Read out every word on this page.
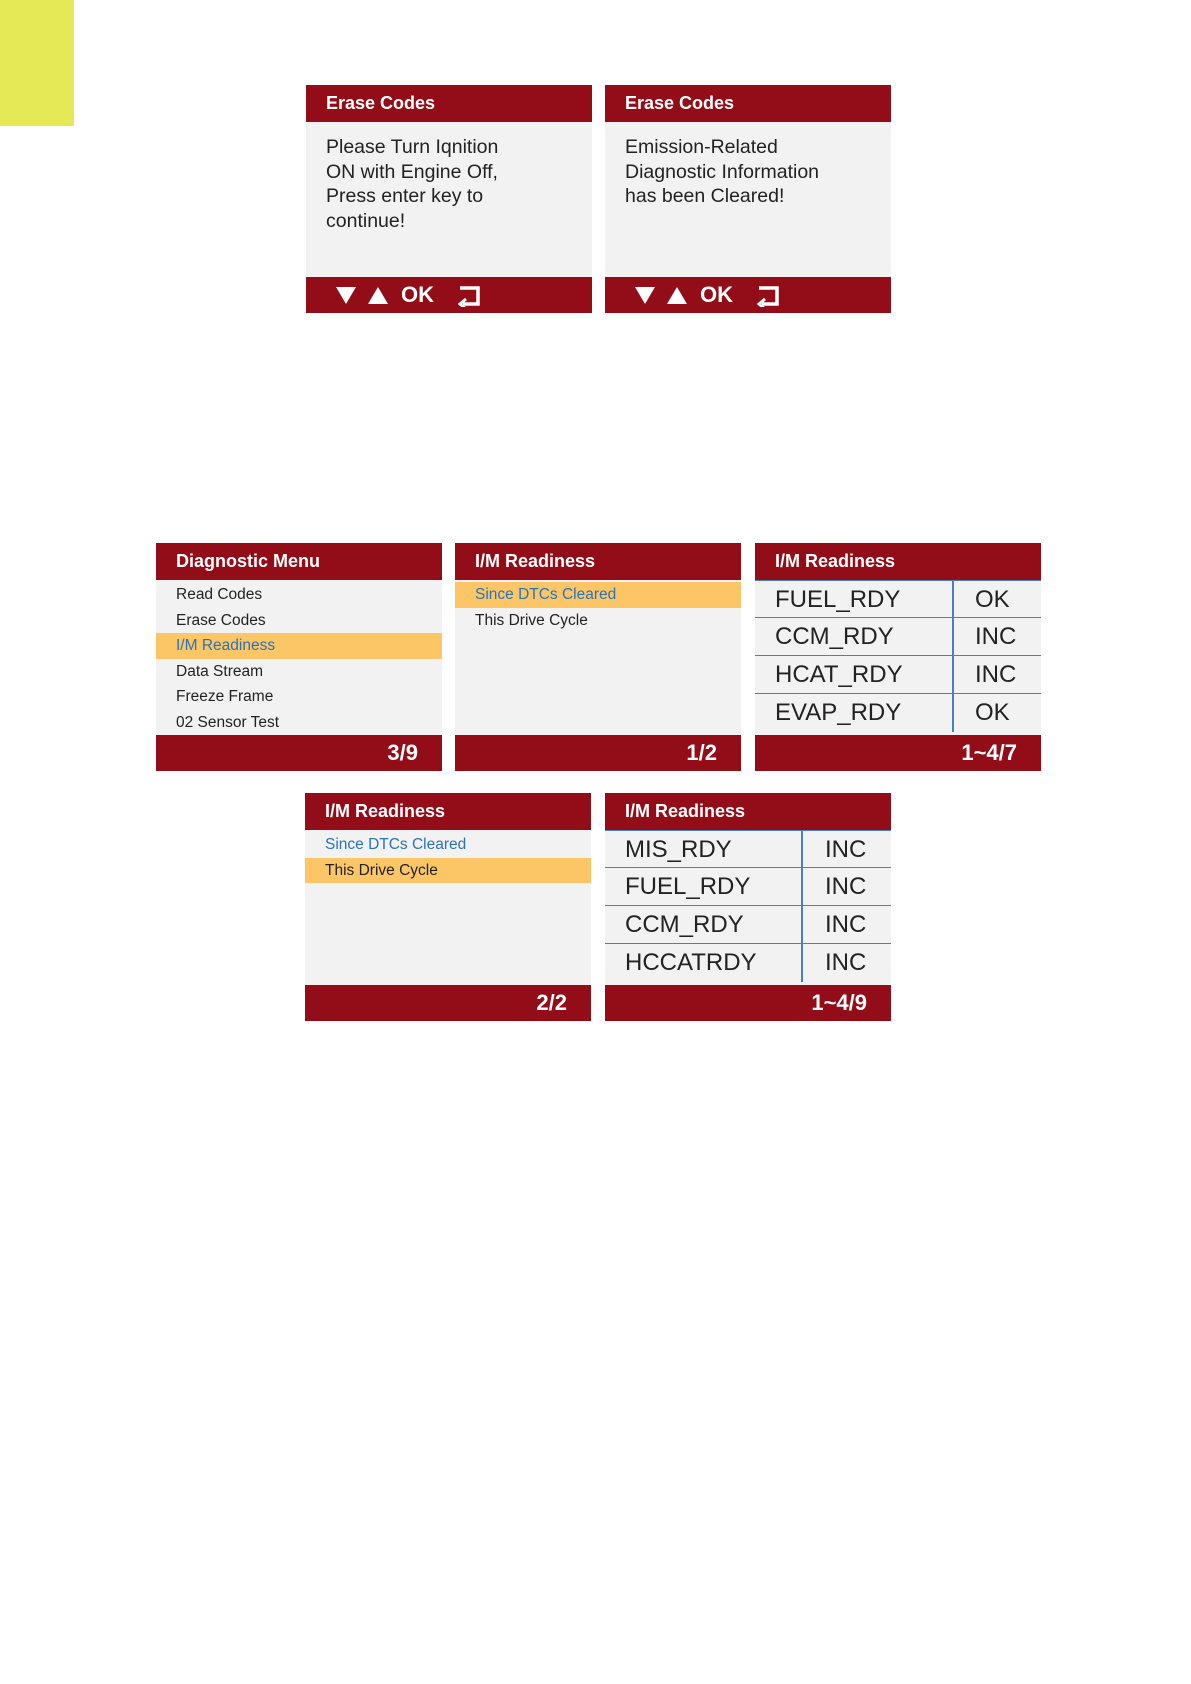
Erase Codes
Please Turn Iqnition
ON with Engine Off,
Press enter key to
continue!
OK
Erase Codes
Emission-Related
Diagnostic Information
has been Cleared!
OK
Diagnostic Menu
Read Codes
Erase Codes
I/M Readiness
Data Stream
Freeze Frame
02 Sensor Test
3/9
I/M Readiness
Since DTCs Cleared
This Drive Cycle
1/2
I/M Readiness
FUEL_RDY	OK
CCM_RDY	INC
HCAT_RDY	INC
EVAP_RDY	OK
1~4/7
I/M Readiness
Since DTCs Cleared
This Drive Cycle
2/2
I/M Readiness
MIS_RDY	INC
FUEL_RDY	INC
CCM_RDY	INC
HCCATRDY	INC
1~4/9
